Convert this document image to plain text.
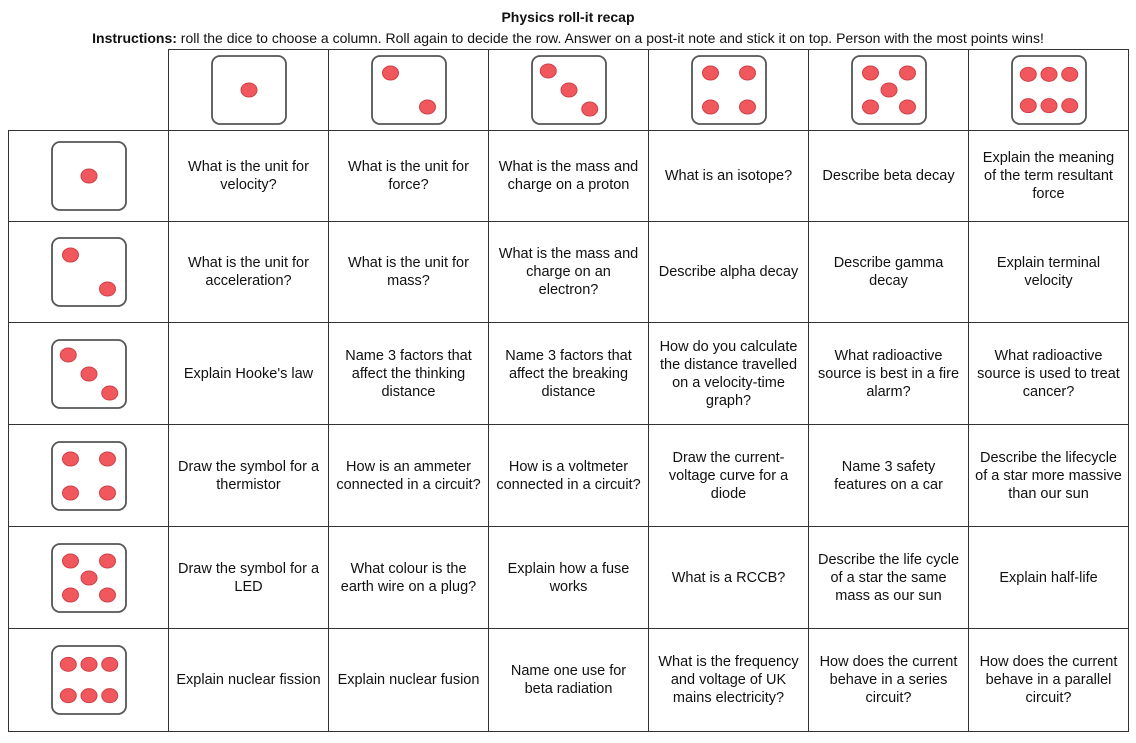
Physics roll-it recap
Instructions: roll the dice to choose a column. Roll again to decide the row. Answer on a post-it note and stick it on top. Person with the most points wins!

	What is the unit for velocity?	What is the unit for force?	What is the mass and charge on a proton	What is an isotope?	Describe beta decay	Explain the meaning of the term resultant force

	What is the unit for acceleration?	What is the unit for mass?	What is the mass and charge on an electron?	Describe alpha decay	Describe gamma decay	Explain terminal velocity

	Explain Hooke's law	Name 3 factors that affect the thinking distance	Name 3 factors that affect the breaking distance	How do you calculate the distance travelled on a velocity-time graph?	What radioactive source is best in a fire alarm?	What radioactive source is used to treat cancer?

	Draw the symbol for a thermistor	How is an ammeter connected in a circuit?	How is a voltmeter connected in a circuit?	Draw the current-voltage curve for a diode	Name 3 safety features on a car	Describe the lifecycle of a star more massive than our sun

	Draw the symbol for a LED	What colour is the earth wire on a plug?	Explain how a fuse works	What is a RCCB?	Describe the life cycle of a star the same mass as our sun	Explain half-life

	Explain nuclear fission	Explain nuclear fusion	Name one use for beta radiation	What is the frequency and voltage of UK mains electricity?	How does the current behave in a series circuit?	How does the current behave in a parallel circuit?
